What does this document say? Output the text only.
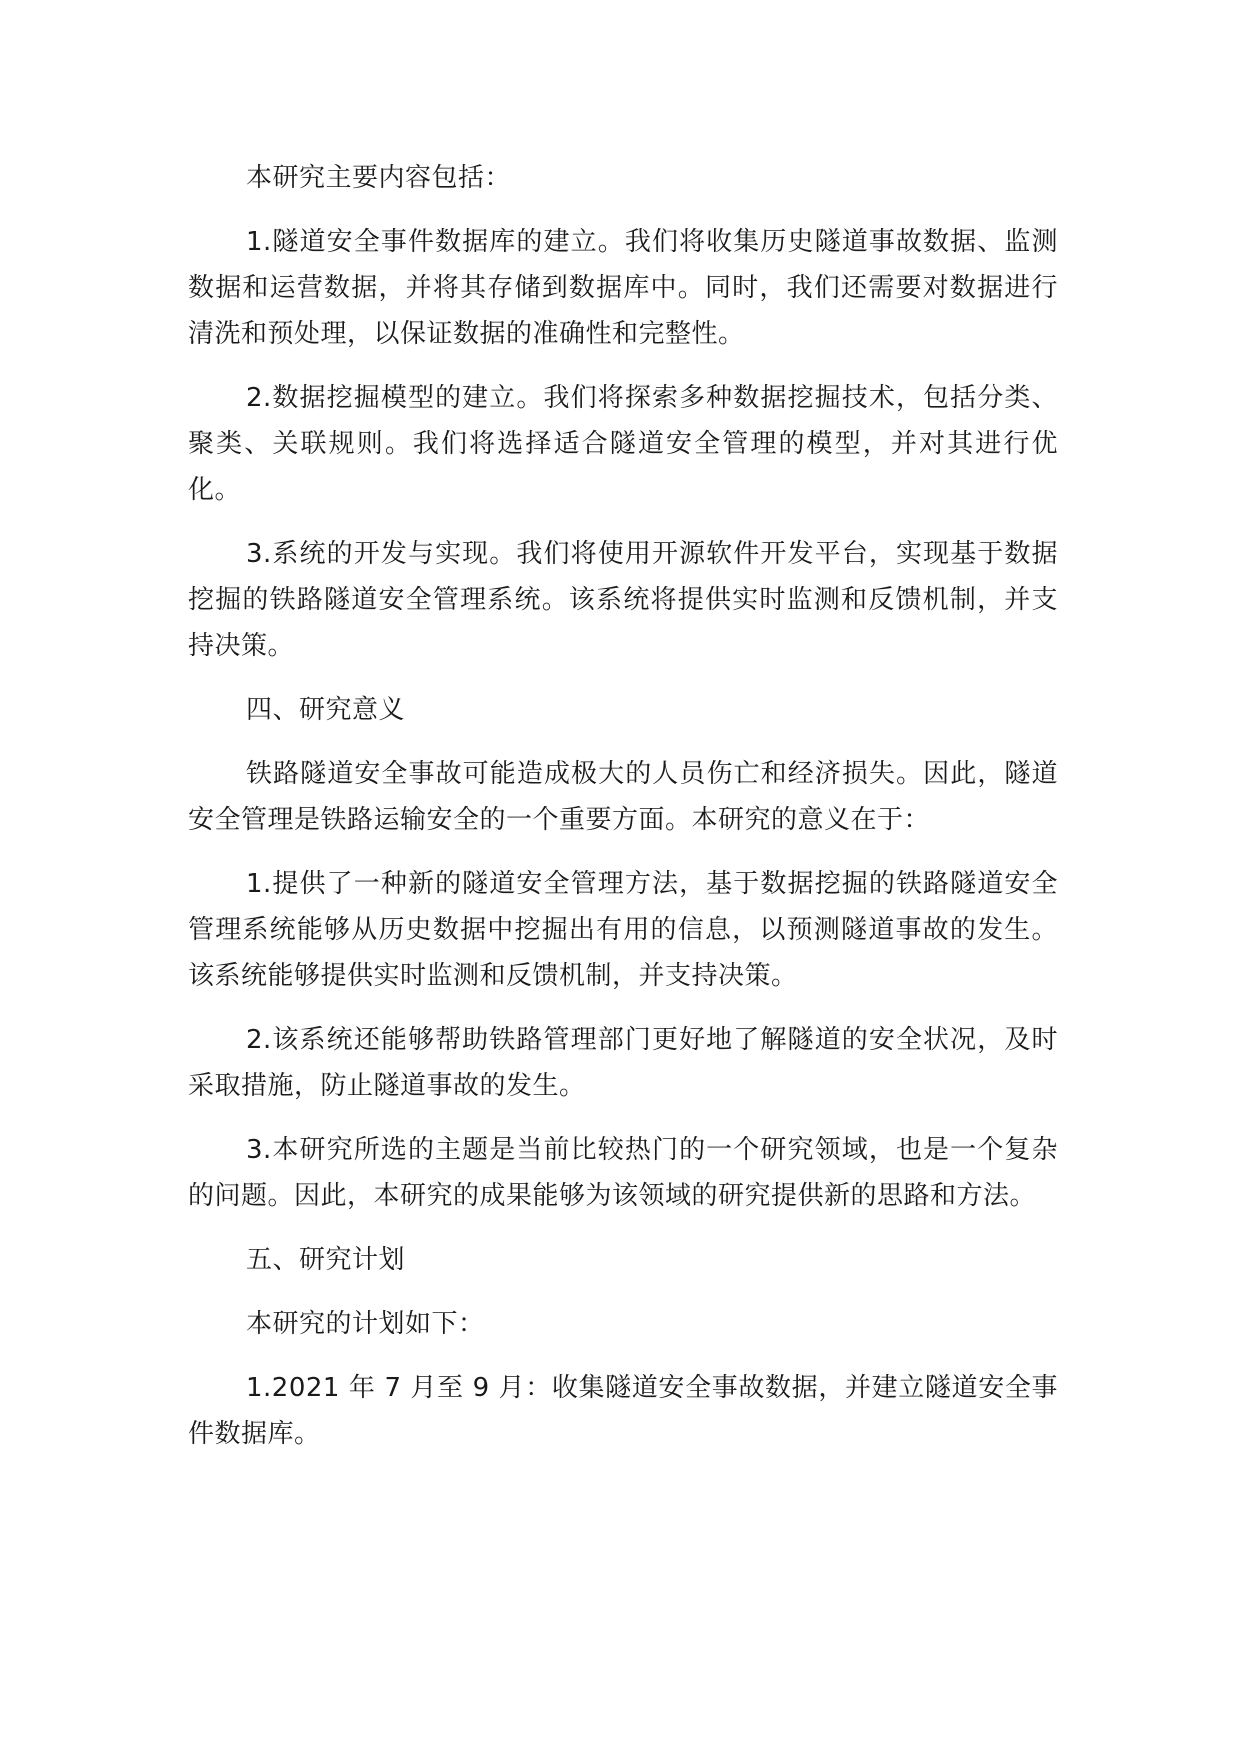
本研究主要内容包括：

1.隧道安全事件数据库的建立。我们将收集历史隧道事故数据、监测数据和运营数据，并将其存储到数据库中。同时，我们还需要对数据进行清洗和预处理，以保证数据的准确性和完整性。

2.数据挖掘模型的建立。我们将探索多种数据挖掘技术，包括分类、聚类、关联规则。我们将选择适合隧道安全管理的模型，并对其进行优化。

3.系统的开发与实现。我们将使用开源软件开发平台，实现基于数据挖掘的铁路隧道安全管理系统。该系统将提供实时监测和反馈机制，并支持决策。

四、研究意义

铁路隧道安全事故可能造成极大的人员伤亡和经济损失。因此，隧道安全管理是铁路运输安全的一个重要方面。本研究的意义在于：

1.提供了一种新的隧道安全管理方法，基于数据挖掘的铁路隧道安全管理系统能够从历史数据中挖掘出有用的信息，以预测隧道事故的发生。该系统能够提供实时监测和反馈机制，并支持决策。

2.该系统还能够帮助铁路管理部门更好地了解隧道的安全状况，及时采取措施，防止隧道事故的发生。

3.本研究所选的主题是当前比较热门的一个研究领域，也是一个复杂的问题。因此，本研究的成果能够为该领域的研究提供新的思路和方法。

五、研究计划

本研究的计划如下：

1.2021 年 7 月至 9 月：收集隧道安全事故数据，并建立隧道安全事件数据库。
